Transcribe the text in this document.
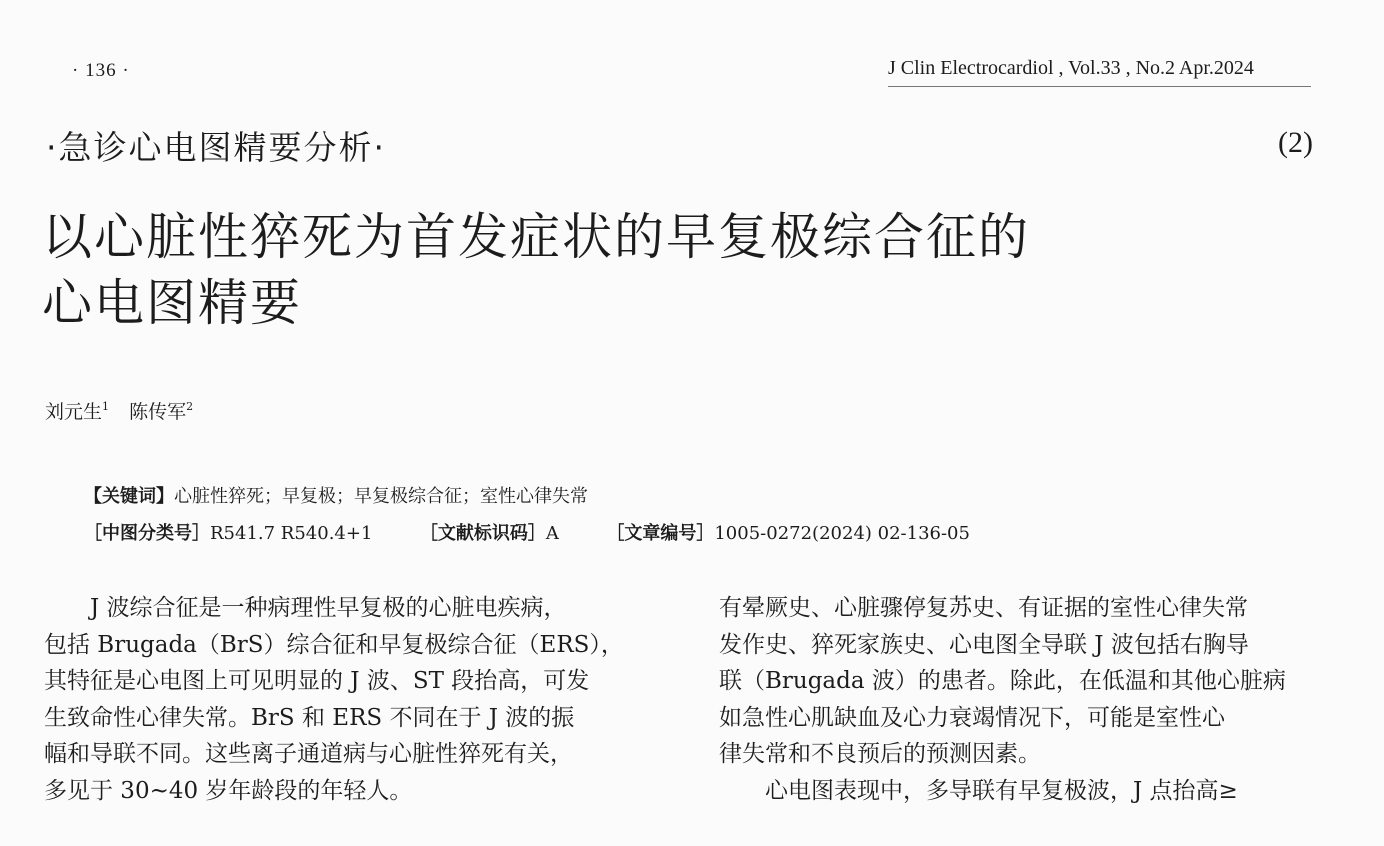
· 136 ·	J Clin Electrocardiol , Vol.33 , No.2 Apr.2024
·急诊心电图精要分析·	(2)
以心脏性猝死为首发症状的早复极综合征的
心电图精要
刘元生$^1$ 陈传军$^2$
【关键词】心脏性猝死；早复极；早复极综合征；室性心律失常
［中图分类号］R541.7 R540.4+1	［文献标识码］A	［文章编号］1005-0272(2024) 02-136-05

J 波综合征是一种病理性早复极的心脏电疾病，
包括 Brugada（BrS）综合征和早复极综合征（ERS），
其特征是心电图上可见明显的 J 波、ST 段抬高，可发
生致命性心律失常。BrS 和 ERS 不同在于 J 波的振
幅和导联不同。这些离子通道病与心脏性猝死有关，
多见于 30~40 岁年龄段的年轻人。

有晕厥史、心脏骤停复苏史、有证据的室性心律失常
发作史、猝死家族史、心电图全导联 J 波包括右胸导
联（Brugada 波）的患者。除此，在低温和其他心脏病
如急性心肌缺血及心力衰竭情况下，可能是室性心
律失常和不良预后的预测因素。

心电图表现中，多导联有早复极波，J 点抬高≥
